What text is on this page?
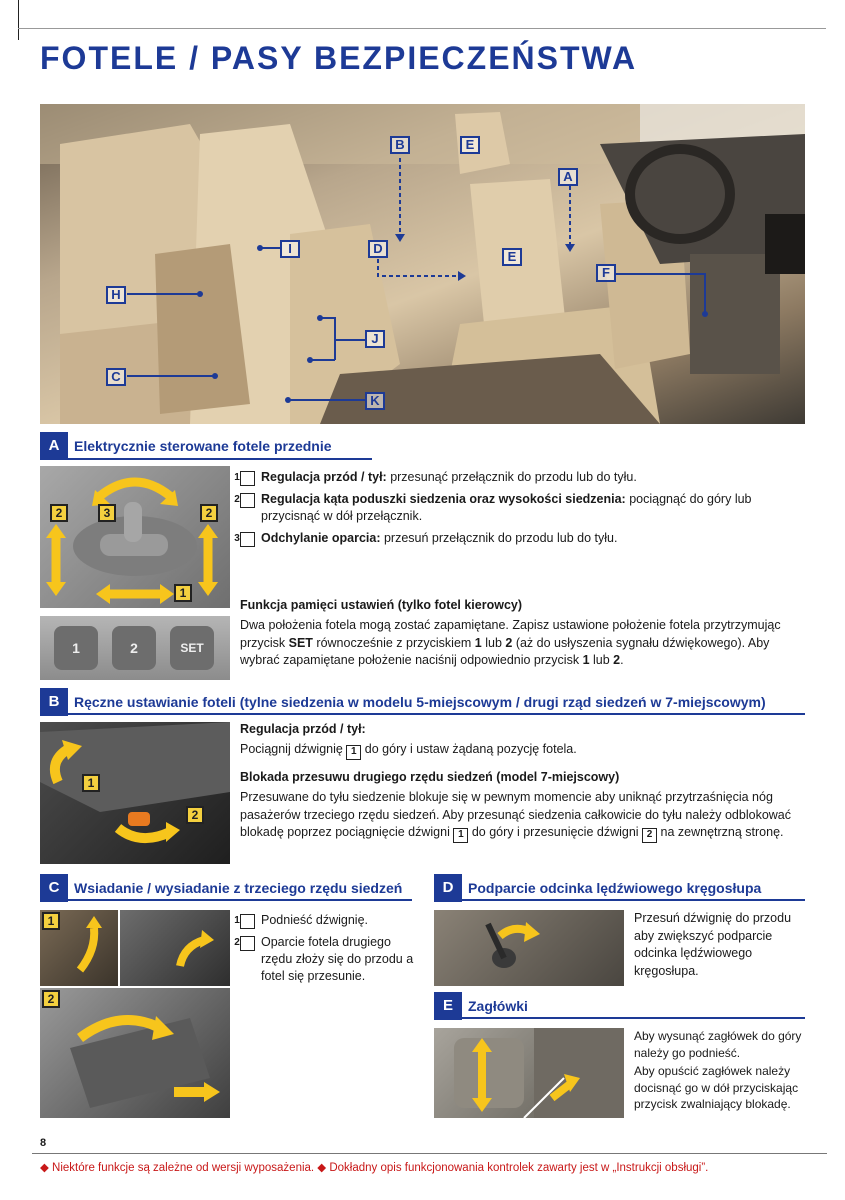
FOTELE / PASY BEZPIECZEŃSTWA
B	E
A
I	D
E
F
H
J
C
K
A	Elektrycznie sterowane fotele przednie
2	3	2
1
1	2	SET
1 Regulacja przód / tył: przesunąć przełącznik do przodu lub do tyłu.
2 Regulacja kąta poduszki siedzenia oraz wysokości siedzenia: pociągnąć do góry lub przycisnąć w dół przełącznik.
3 Odchylanie oparcia: przesuń przełącznik do przodu lub do tyłu.
Funkcja pamięci ustawień (tylko fotel kierowcy)
Dwa położenia fotela mogą zostać zapamiętane. Zapisz ustawione położenie fotela przytrzymując przycisk SET równocześnie z przyciskiem 1 lub 2 (aż do usłyszenia sygnału dźwiękowego). Aby wybrać zapamiętane położenie naciśnij odpowiednio przycisk 1 lub 2.
B	Ręczne ustawianie foteli (tylne siedzenia w modelu 5-miejscowym / drugi rząd siedzeń w 7-miejscowym)
1
2
Regulacja przód / tył:
Pociągnij dźwignię 1 do góry i ustaw żądaną pozycję fotela.
Blokada przesuwu drugiego rzędu siedzeń (model 7-miejscowy)
Przesuwane do tyłu siedzenie blokuje się w pewnym momencie aby uniknąć przytrzaśnięcia nóg pasażerów trzeciego rzędu siedzeń. Aby przesunąć siedzenia całkowicie do tyłu należy odblokować blokadę poprzez pociągnięcie dźwigni 1 do góry i przesunięcie dźwigni 2 na zewnętrzną stronę.
C	Wsiadanie / wysiadanie z trzeciego rzędu siedzeń
1
2
1 Podnieść dźwignię.
2 Oparcie fotela drugiego rzędu złoży się do przodu a fotel się przesunie.
D	Podparcie odcinka lędźwiowego kręgosłupa
Przesuń dźwignię do przodu aby zwiększyć podparcie odcinka lędźwiowego kręgosłupa.
E	Zagłówki
Aby wysunąć zagłówek do góry należy go podnieść.
Aby opuścić zagłówek należy docisnąć go w dół przyciskając przycisk zwalniający blokadę.
8
◆ Niektóre funkcje są zależne od wersji wyposażenia. ◆ Dokładny opis funkcjonowania kontrolek zawarty jest w „Instrukcji obsługi”.
